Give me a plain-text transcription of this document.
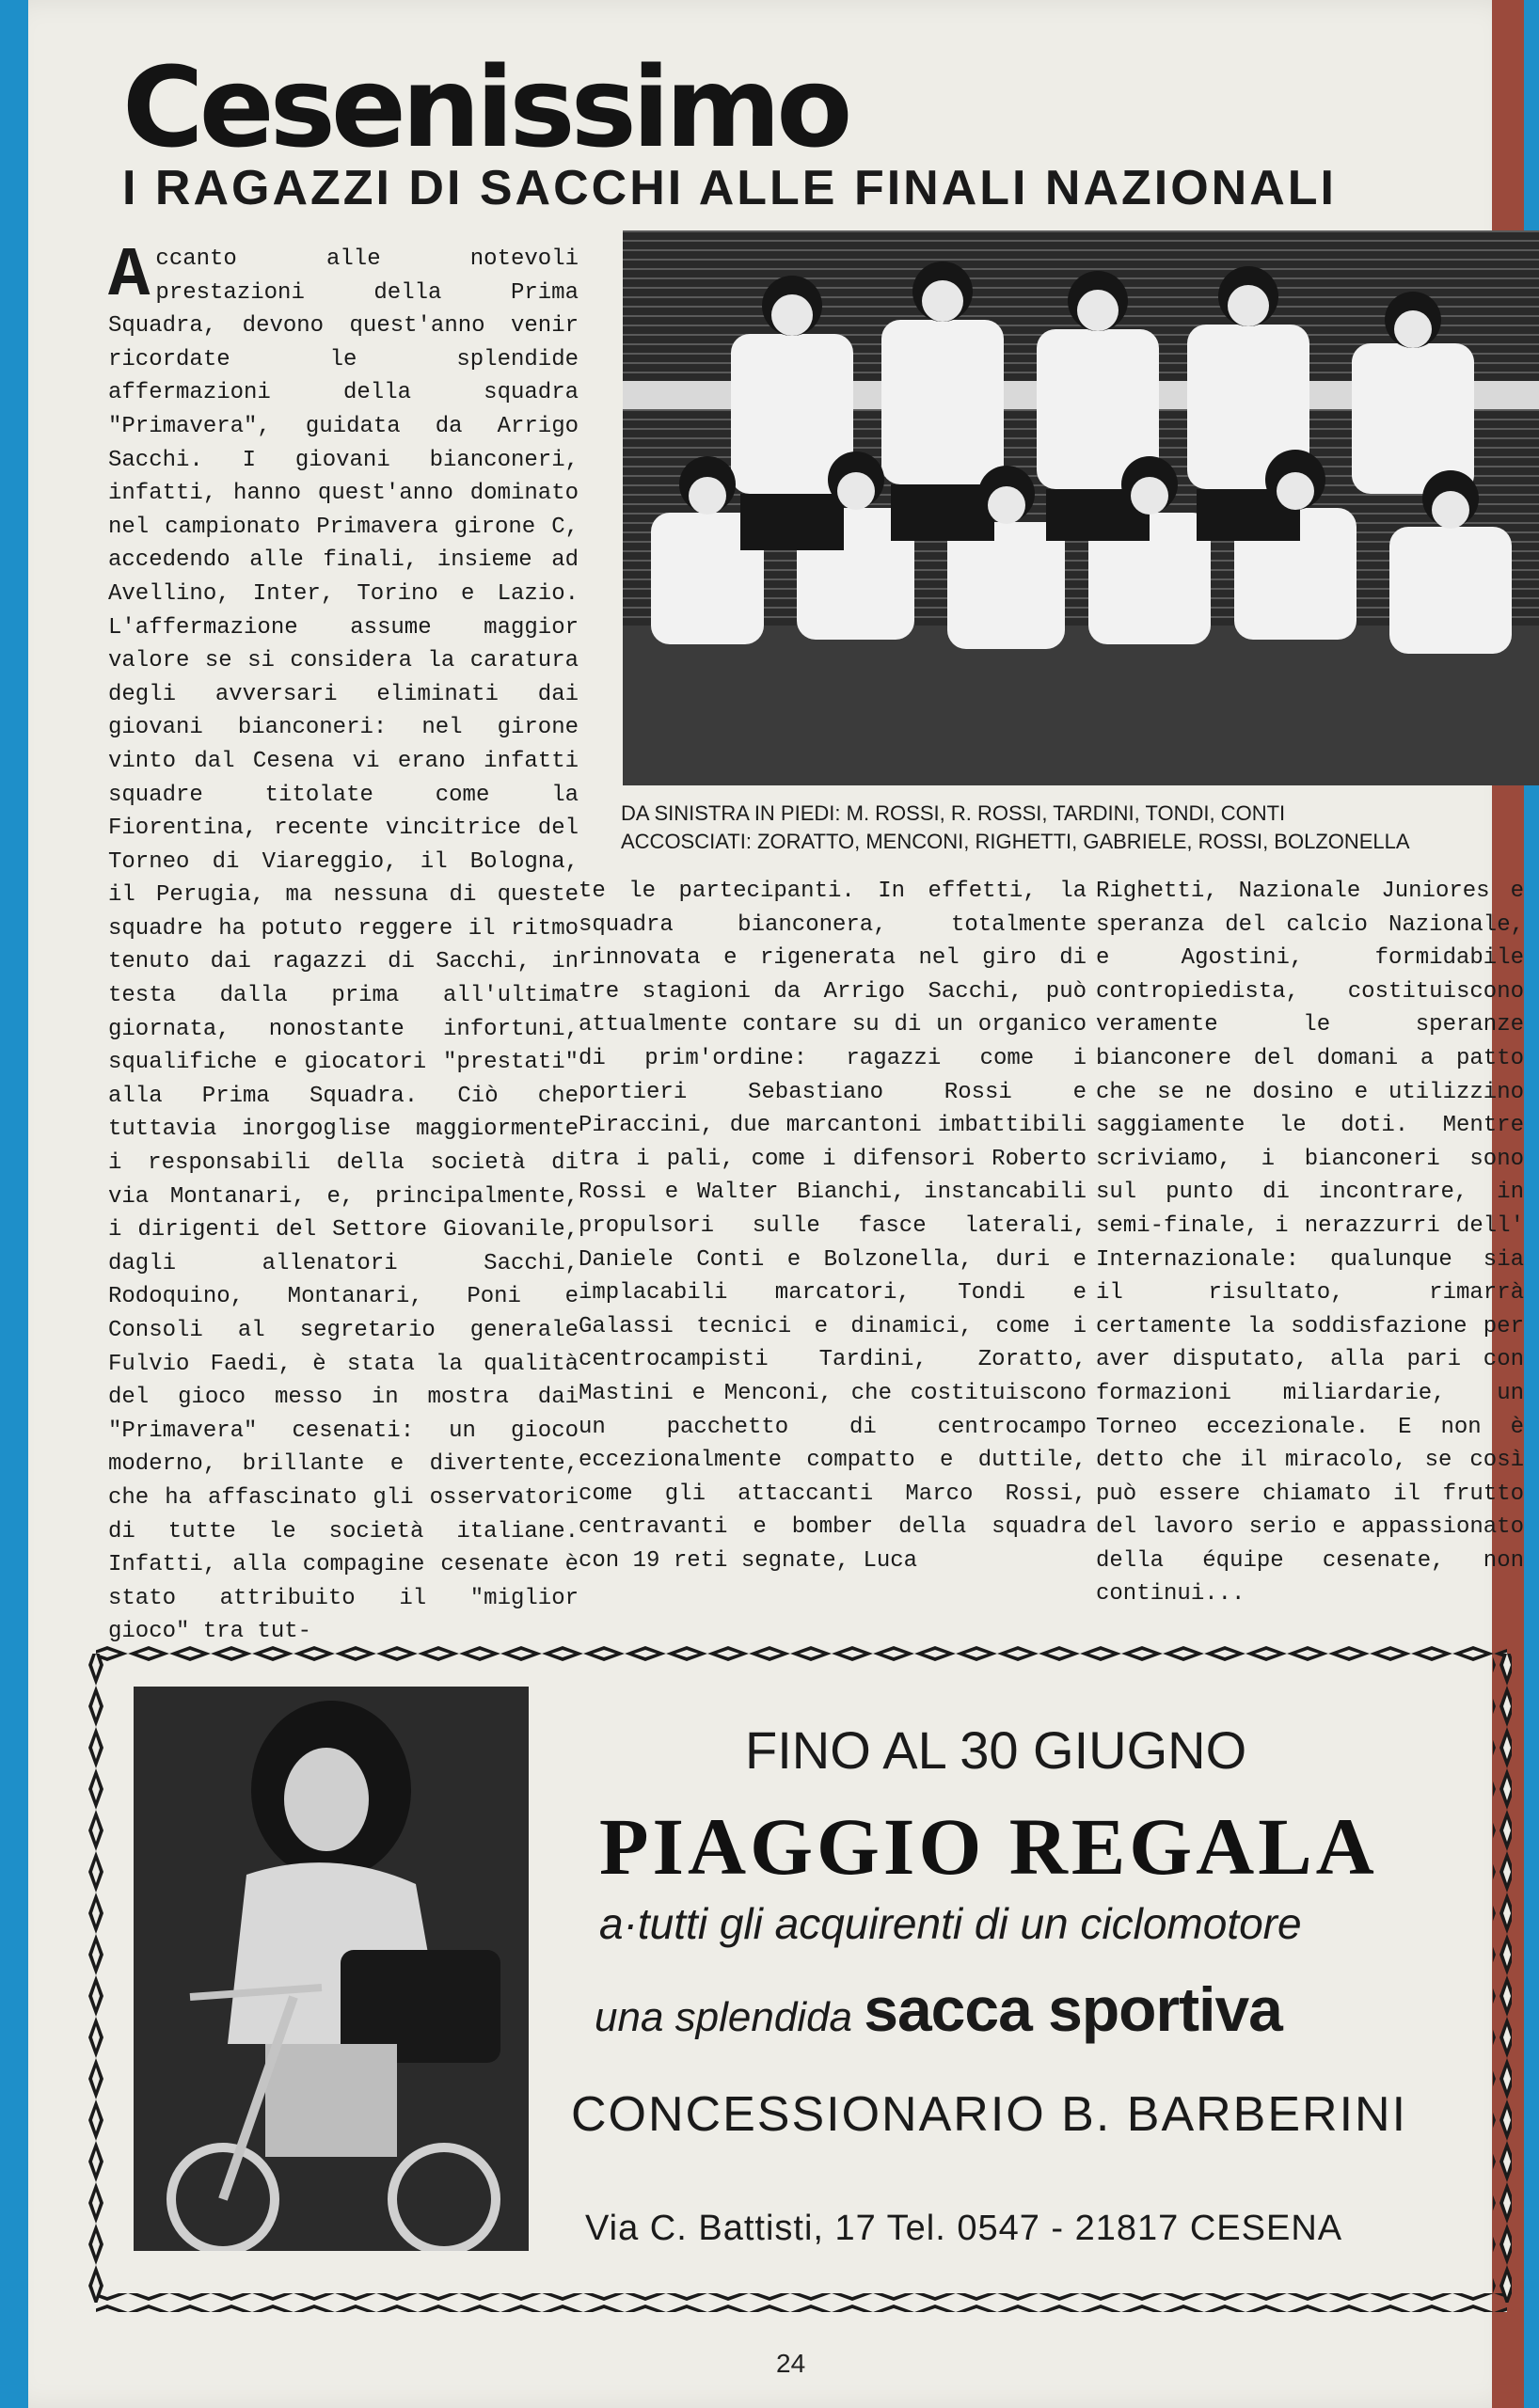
Cesenissimo
I RAGAZZI DI SACCHI ALLE FINALI NAZIONALI

Accanto alle notevoli prestazioni della Prima Squadra, devono quest'anno venir ricordate le splendide affermazioni della squadra "Primavera", guidata da Arrigo Sacchi. I giovani bianconeri, infatti, hanno quest'anno dominato nel campionato Primavera girone C, accedendo alle finali, insieme ad Avellino, Inter, Torino e Lazio. L'affermazione assume maggior valore se si considera la caratura degli avversari eliminati dai giovani bianconeri: nel girone vinto dal Cesena vi erano infatti squadre titolate come la Fiorentina, recente vincitrice del Torneo di Viareggio, il Bologna, il Perugia, ma nessuna di queste squadre ha potuto reggere il ritmo tenuto dai ragazzi di Sacchi, in testa dalla prima all'ultima giornata, nonostante infortuni, squalifiche e giocatori "prestati" alla Prima Squadra. Ciò che tuttavia inorgoglise maggiormente i responsabili della società di via Montanari, e, principalmente, i dirigenti del Settore Giovanile, dagli allenatori Sacchi, Rodoquino, Montanari, Poni e Consoli al segretario generale Fulvio Faedi, è stata la qualità del gioco messo in mostra dai "Primavera" cesenati: un gioco moderno, brillante e divertente, che ha affascinato gli osservatori di tutte le società italiane. Infatti, alla compagine cesenate è stato attribuito il "miglior gioco" tra tut-

DA SINISTRA IN PIEDI: M. ROSSI, R. ROSSI, TARDINI, TONDI, CONTI
ACCOSCIATI: ZORATTO, MENCONI, RIGHETTI, GABRIELE, ROSSI, BOLZONELLA

te le partecipanti. In effetti, la squadra bianconera, totalmente rinnovata e rigenerata nel giro di tre stagioni da Arrigo Sacchi, può attualmente contare su di un organico di prim'ordine: ragazzi come i portieri Sebastiano Rossi e Piraccini, due marcantoni imbattibili tra i pali, come i difensori Roberto Rossi e Walter Bianchi, instancabili propulsori sulle fasce laterali, Daniele Conti e Bolzonella, duri e implacabili marcatori, Tondi e Galassi tecnici e dinamici, come i centrocampisti Tardini, Zoratto, Mastini e Menconi, che costituiscono un pacchetto di centrocampo eccezionalmente compatto e duttile, come gli attaccanti Marco Rossi, centravanti e bomber della squadra con 19 reti segnate, Luca

Righetti, Nazionale Juniores e speranza del calcio Nazionale, e Agostini, formidabile contropiedista, costituiscono veramente le speranze bianconere del domani a patto che se ne dosino e utilizzino saggiamente le doti. Mentre scriviamo, i bianconeri sono sul punto di incontrare, in semi-finale, i nerazzurri dell' Internazionale: qualunque sia il risultato, rimarrà certamente la soddisfazione per aver disputato, alla pari con formazioni miliardarie, un Torneo eccezionale. E non è detto che il miracolo, se così può essere chiamato il frutto del lavoro serio e appassionato della équipe cesenate, non continui...

FINO AL 30 GIUGNO
PIAGGIO REGALA
a·tutti gli acquirenti di un ciclomotore
una splendida sacca sportiva
CONCESSIONARIO B. BARBERINI
Via C. Battisti, 17 Tel. 0547 - 21817 CESENA
24
